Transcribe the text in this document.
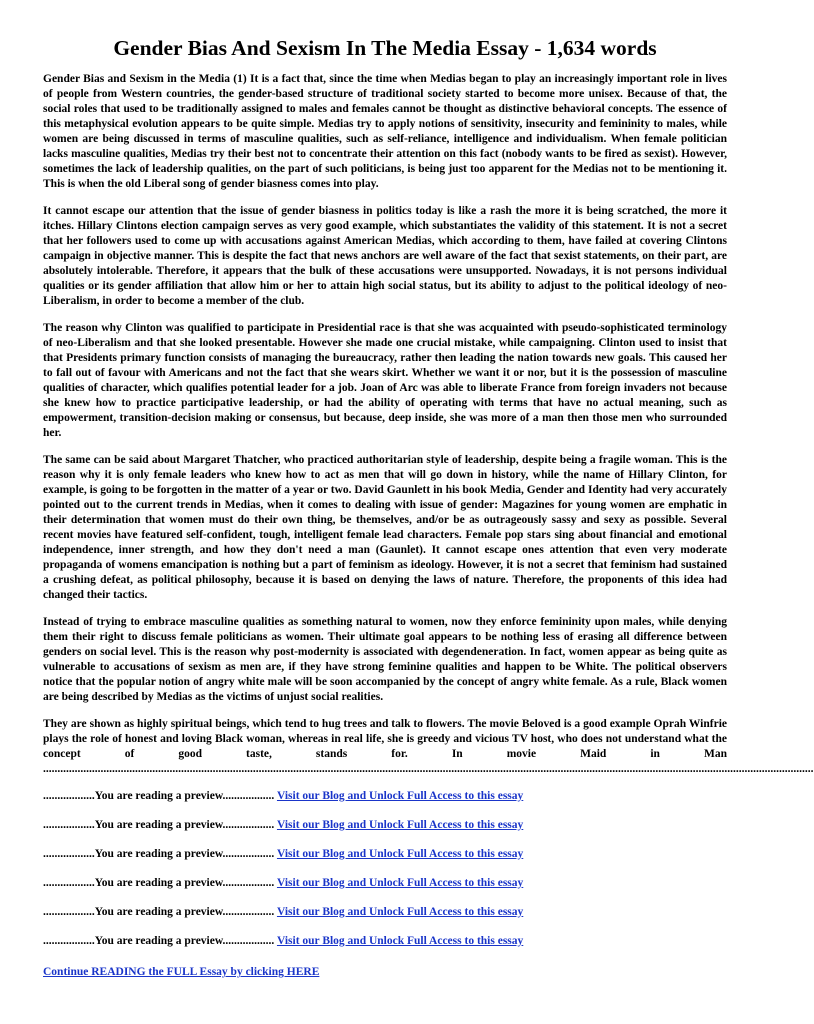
Gender Bias And Sexism In The Media Essay - 1,634 words

Gender Bias and Sexism in the Media (1) It is a fact that, since the time when Medias began to play an increasingly important role in lives of people from Western countries, the gender-based structure of traditional society started to become more unisex. Because of that, the social roles that used to be traditionally assigned to males and females cannot be thought as distinctive behavioral concepts. The essence of this metaphysical evolution appears to be quite simple. Medias try to apply notions of sensitivity, insecurity and femininity to males, while women are being discussed in terms of masculine qualities, such as self-reliance, intelligence and individualism. When female politician lacks masculine qualities, Medias try their best not to concentrate their attention on this fact (nobody wants to be fired as sexist). However, sometimes the lack of leadership qualities, on the part of such politicians, is being just too apparent for the Medias not to be mentioning it. This is when the old Liberal song of gender biasness comes into play.

It cannot escape our attention that the issue of gender biasness in politics today is like a rash the more it is being scratched, the more it itches. Hillary Clintons election campaign serves as very good example, which substantiates the validity of this statement. It is not a secret that her followers used to come up with accusations against American Medias, which according to them, have failed at covering Clintons campaign in objective manner. This is despite the fact that news anchors are well aware of the fact that sexist statements, on their part, are absolutely intolerable. Therefore, it appears that the bulk of these accusations were unsupported. Nowadays, it is not persons individual qualities or its gender affiliation that allow him or her to attain high social status, but its ability to adjust to the political ideology of neo-Liberalism, in order to become a member of the club.

The reason why Clinton was qualified to participate in Presidential race is that she was acquainted with pseudo-sophisticated terminology of neo-Liberalism and that she looked presentable. However she made one crucial mistake, while campaigning. Clinton used to insist that that Presidents primary function consists of managing the bureaucracy, rather then leading the nation towards new goals. This caused her to fall out of favour with Americans and not the fact that she wears skirt. Whether we want it or nor, but it is the possession of masculine qualities of character, which qualifies potential leader for a job. Joan of Arc was able to liberate France from foreign invaders not because she knew how to practice participative leadership, or had the ability of operating with terms that have no actual meaning, such as empowerment, transition-decision making or consensus, but because, deep inside, she was more of a man then those men who surrounded her.

The same can be said about Margaret Thatcher, who practiced authoritarian style of leadership, despite being a fragile woman. This is the reason why it is only female leaders who knew how to act as men that will go down in history, while the name of Hillary Clinton, for example, is going to be forgotten in the matter of a year or two. David Gaunlett in his book Media, Gender and Identity had very accurately pointed out to the current trends in Medias, when it comes to dealing with issue of gender: Magazines for young women are emphatic in their determination that women must do their own thing, be themselves, and/or be as outrageously sassy and sexy as possible. Several recent movies have featured self-confident, tough, intelligent female lead characters. Female pop stars sing about financial and emotional independence, inner strength, and how they don't need a man (Gaunlet). It cannot escape ones attention that even very moderate propaganda of womens emancipation is nothing but a part of feminism as ideology. However, it is not a secret that feminism had sustained a crushing defeat, as political philosophy, because it is based on denying the laws of nature. Therefore, the proponents of this idea had changed their tactics.

Instead of trying to embrace masculine qualities as something natural to women, now they enforce femininity upon males, while denying them their right to discuss female politicians as women. Their ultimate goal appears to be nothing less of erasing all difference between genders on social level. This is the reason why post-modernity is associated with degendeneration. In fact, women appear as being quite as vulnerable to accusations of sexism as men are, if they have strong feminine qualities and happen to be White. The political observers notice that the popular notion of angry white male will be soon accompanied by the concept of angry white female. As a rule, Black women are being described by Medias as the victims of unjust social realities.

They are shown as highly spiritual beings, which tend to hug trees and talk to flowers. The movie Beloved is a good example Oprah Winfrie plays the role of honest and loving Black woman, whereas in real life, she is greedy and vicious TV host, who does not understand what the concept of good taste, stands for. In movie Maid in Man

............................................................................................................................................................................................................................................................................
..................You are reading a preview.................. Visit our Blog and Unlock Full Access to this essay
..................You are reading a preview.................. Visit our Blog and Unlock Full Access to this essay
..................You are reading a preview.................. Visit our Blog and Unlock Full Access to this essay
..................You are reading a preview.................. Visit our Blog and Unlock Full Access to this essay
..................You are reading a preview.................. Visit our Blog and Unlock Full Access to this essay
..................You are reading a preview.................. Visit our Blog and Unlock Full Access to this essay
Continue READING the FULL Essay by clicking HERE
